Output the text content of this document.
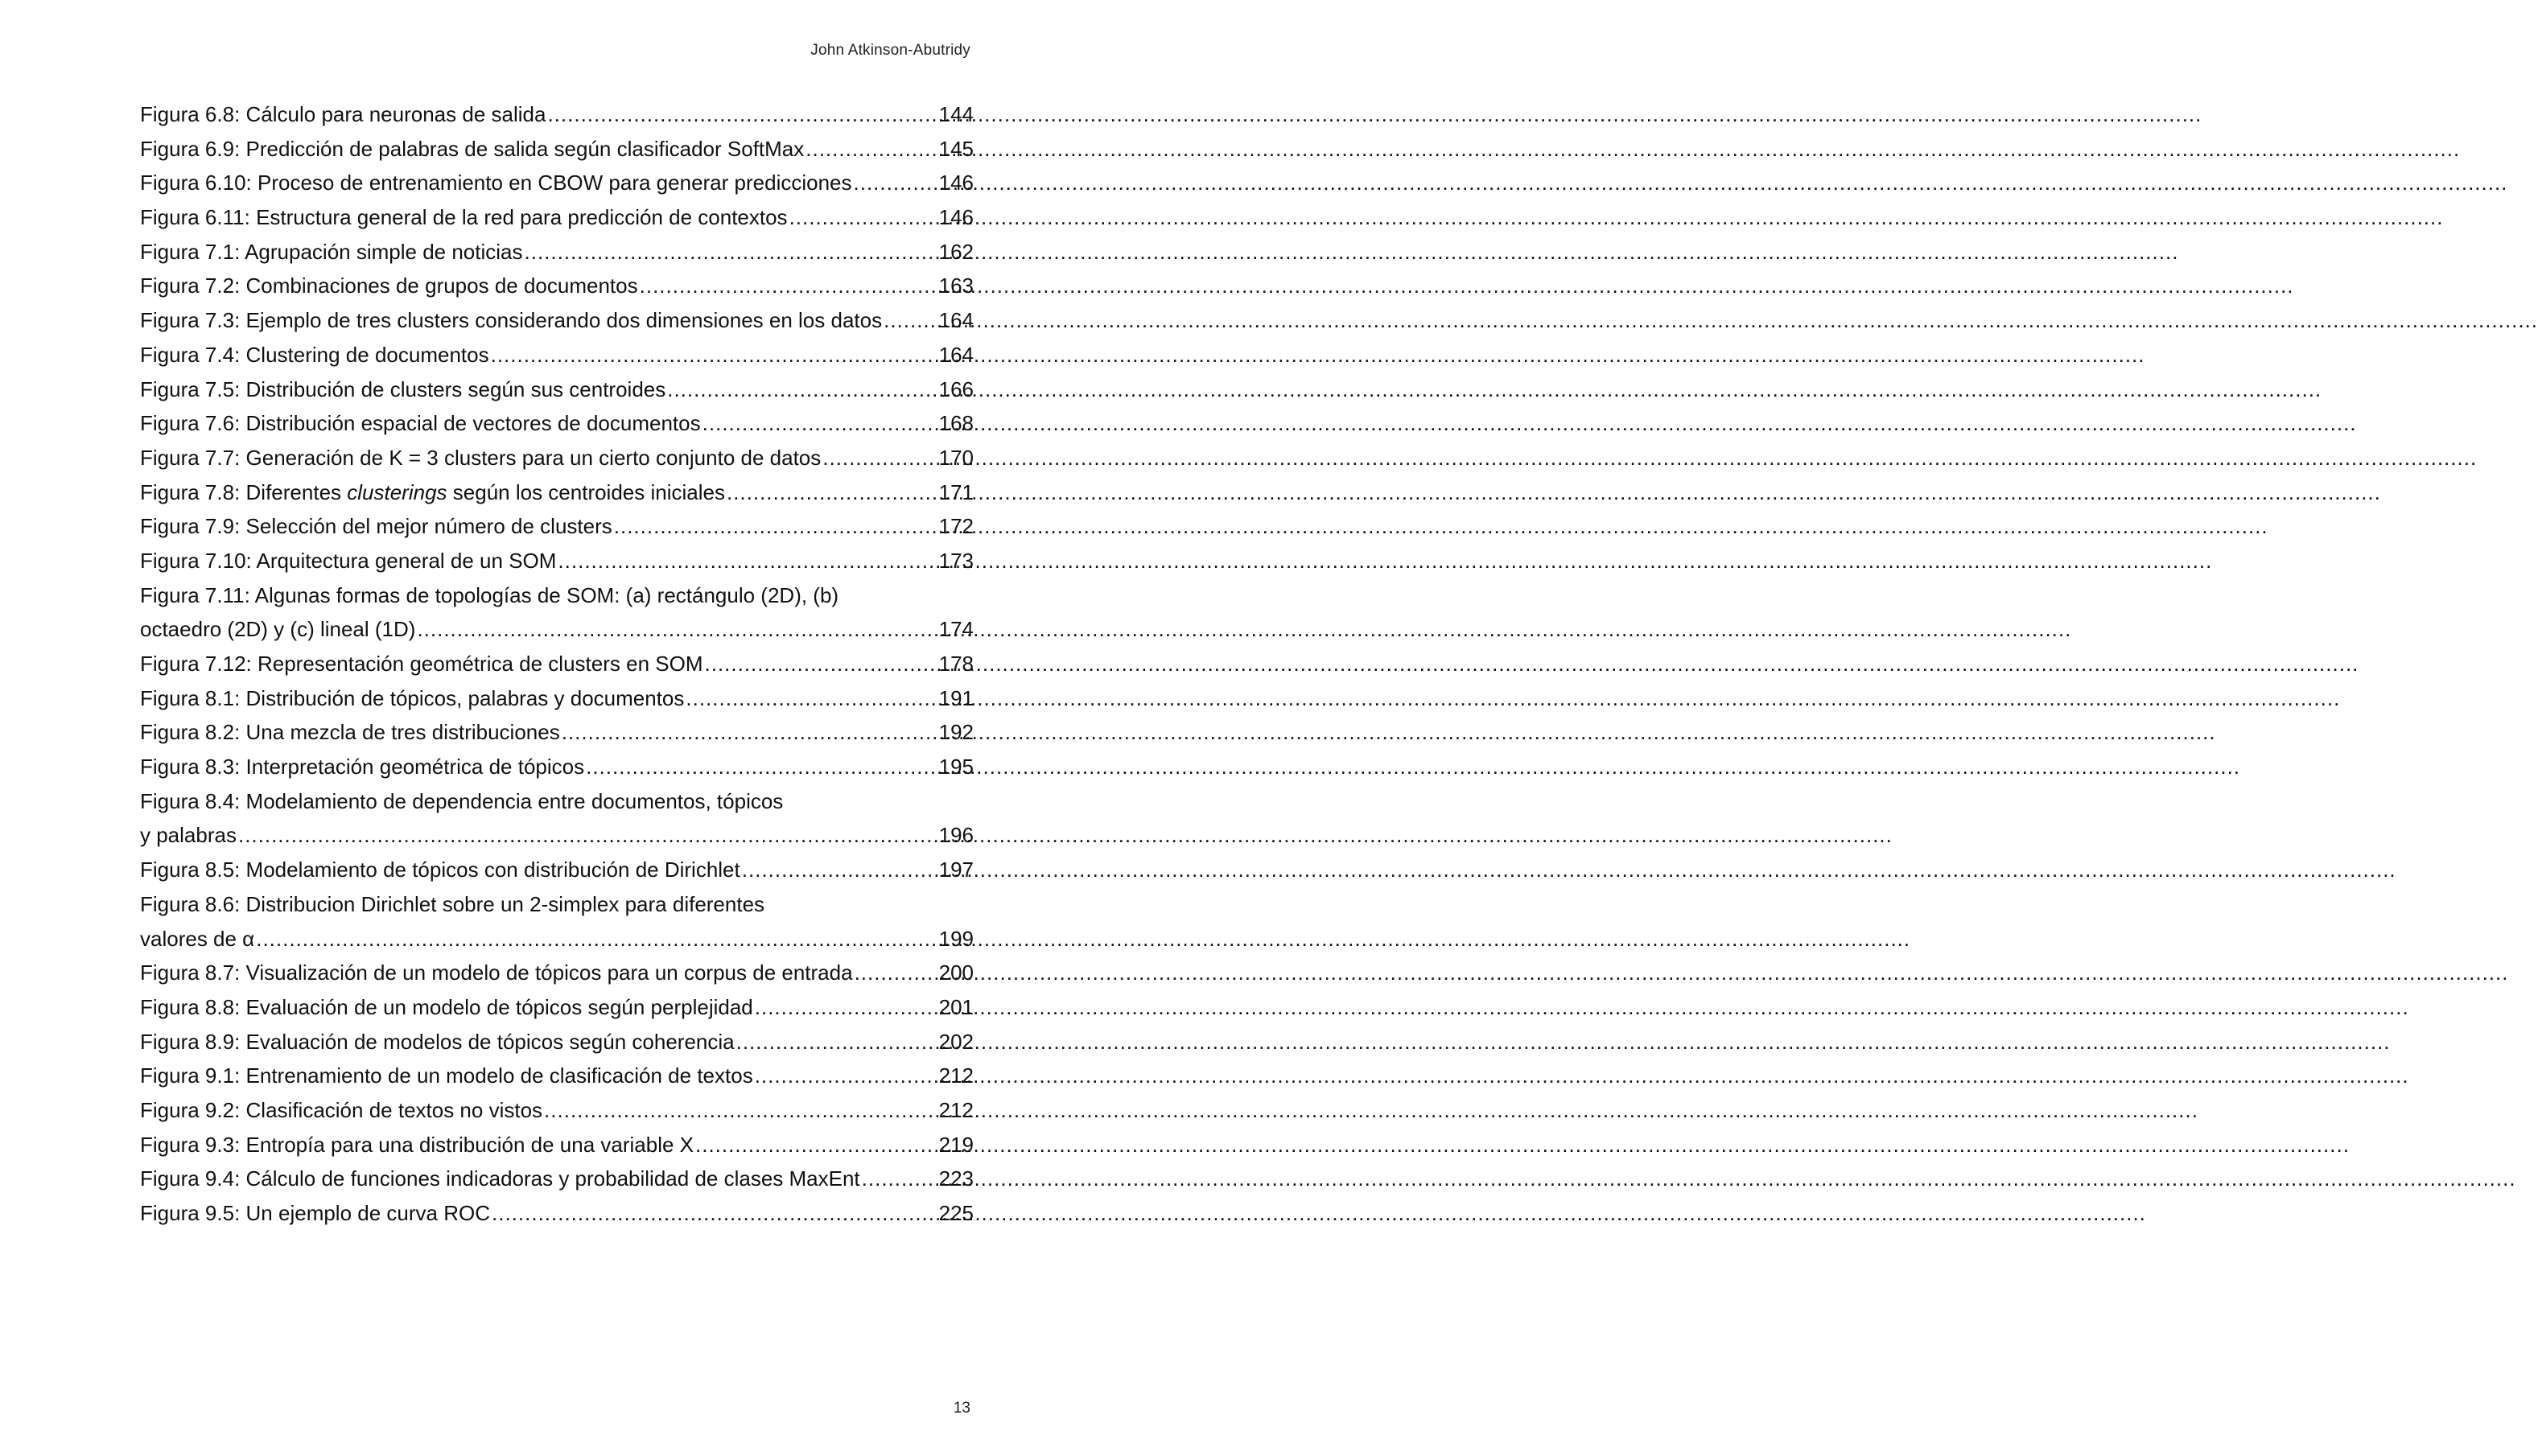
John Atkinson-Abutridy
Figura 6.8: Cálculo para neuronas de salida .....	144
Figura 6.9: Predicción de palabras de salida según clasificador SoftMax .....	145
Figura 6.10: Proceso de entrenamiento en CBOW para generar predicciones .....	146
Figura 6.11: Estructura general de la red para predicción de contextos .....	146
Figura 7.1: Agrupación simple de noticias .....	162
Figura 7.2: Combinaciones de grupos de documentos .....	163
Figura 7.3: Ejemplo de tres clusters considerando dos dimensiones en los datos .....	164
Figura 7.4: Clustering de documentos .....	164
Figura 7.5: Distribución de clusters según sus centroides .....	166
Figura 7.6: Distribución espacial de vectores de documentos .....	168
Figura 7.7: Generación de K = 3 clusters para un cierto conjunto de datos .....	170
Figura 7.8: Diferentes clusterings según los centroides iniciales .....	171
Figura 7.9: Selección del mejor número de clusters .....	172
Figura 7.10: Arquitectura general de un SOM .....	173
Figura 7.11: Algunas formas de topologías de SOM: (a) rectángulo (2D), (b)
octaedro (2D) y (c) lineal (1D) .....	174
Figura 7.12: Representación geométrica de clusters en SOM .....	178
Figura 8.1: Distribución de tópicos, palabras y documentos .....	191
Figura 8.2: Una mezcla de tres distribuciones .....	192
Figura 8.3: Interpretación geométrica de tópicos .....	195
Figura 8.4: Modelamiento de dependencia entre documentos, tópicos
y palabras .....	196
Figura 8.5: Modelamiento de tópicos con distribución de Dirichlet .....	197
Figura 8.6: Distribucion Dirichlet sobre un 2-simplex para diferentes
valores de α .....	199
Figura 8.7: Visualización de un modelo de tópicos para un corpus de entrada .....	200
Figura 8.8: Evaluación de un modelo de tópicos según perplejidad .....	201
Figura 8.9: Evaluación de modelos de tópicos según coherencia .....	202
Figura 9.1: Entrenamiento de un modelo de clasificación de textos .....	212
Figura 9.2: Clasificación de textos no vistos .....	212
Figura 9.3: Entropía para una distribución de una variable X .....	219
Figura 9.4: Cálculo de funciones indicadoras y probabilidad de clases MaxEnt .....	223
Figura 9.5: Un ejemplo de curva ROC .....	225
13
